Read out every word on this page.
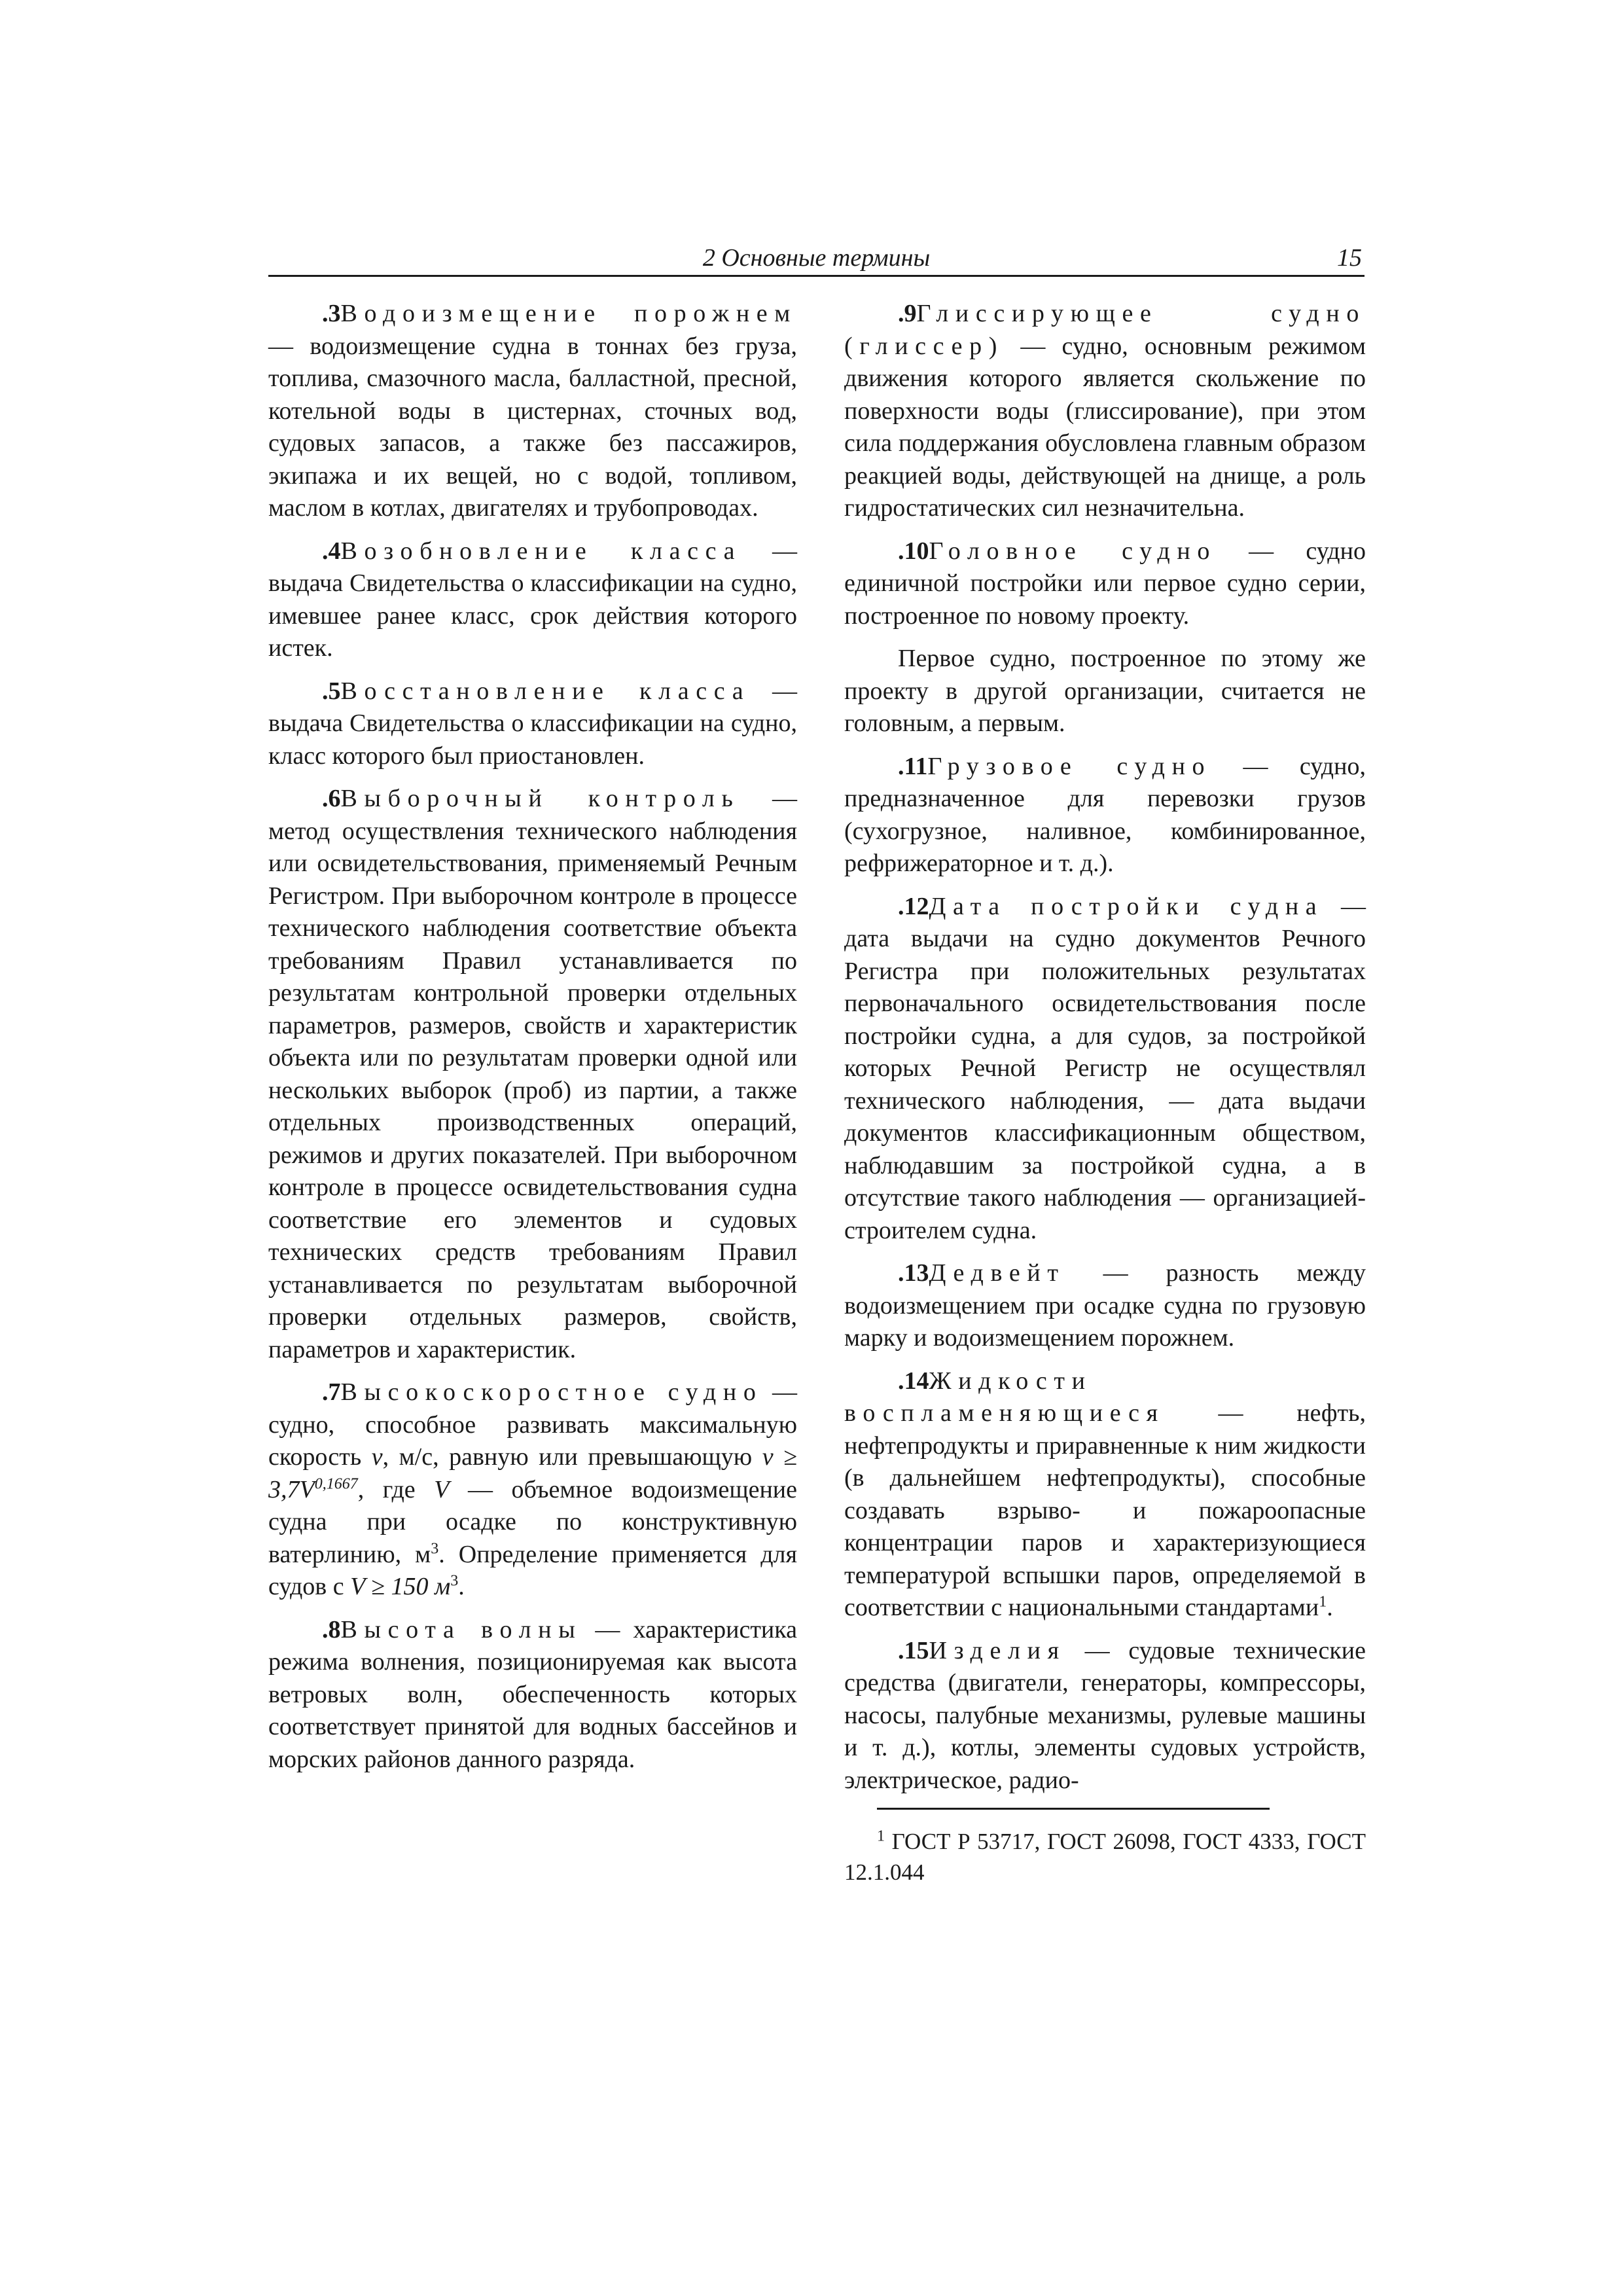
2 Основные термины	15

.3Водоизмещение порожнем — водоизмещение судна в тоннах без груза, топлива, смазочного масла, балластной, пресной, котельной воды в цистернах, сточных вод, судовых запасов, а также без пассажиров, экипажа и их вещей, но с водой, топливом, маслом в котлах, двигателях и трубопроводах.

.4Возобновление класса — выдача Свидетельства о классификации на судно, имевшее ранее класс, срок действия которого истек.

.5Восстановление класса — выдача Свидетельства о классификации на судно, класс которого был приостановлен.

.6Выборочный контроль — метод осуществления технического наблюдения или освидетельствования, применяемый Речным Регистром. При выборочном контроле в процессе технического наблюдения соответствие объекта требованиям Правил устанавливается по результатам контрольной проверки отдельных параметров, размеров, свойств и характеристик объекта или по результатам проверки одной или нескольких выборок (проб) из партии, а также отдельных производственных операций, режимов и других показателей. При выборочном контроле в процессе освидетельствования судна соответствие его элементов и судовых технических средств требованиям Правил устанавливается по результатам выборочной проверки отдельных размеров, свойств, параметров и характеристик.

.7Высокоскоростное судно — судно, способное развивать максимальную скорость v, м/с, равную или превышающую $v \ge 3,7V^{0,1667}$, где V — объемное водоизмещение судна при осадке по конструктивную ватерлинию, $м^3$. Определение применяется для судов с V ≥ 150 $м^3$.

.8Высота волны — характеристика режима волнения, позиционируемая как высота ветровых волн, обеспеченность которых соответствует принятой для водных бассейнов и морских районов данного разряда.

.9Глиссирующее судно (глиссер) — судно, основным режимом движения которого является скольжение по поверхности воды (глиссирование), при этом сила поддержания обусловлена главным образом реакцией воды, действующей на днище, а роль гидростатических сил незначительна.

.10Головное судно — судно единичной постройки или первое судно серии, построенное по новому проекту.

Первое судно, построенное по этому же проекту в другой организации, считается не головным, а первым.

.11Грузовое судно — судно, предназначенное для перевозки грузов (сухогрузное, наливное, комбинированное, рефрижераторное и т. д.).

.12Дата постройки судна — дата выдачи на судно документов Речного Регистра при положительных результатах первоначального освидетельствования после постройки судна, а для судов, за постройкой которых Речной Регистр не осуществлял технического наблюдения, — дата выдачи документов классификационным обществом, наблюдавшим за постройкой судна, а в отсутствие такого наблюдения — организацией-строителем судна.

.13Дедвейт — разность между водоизмещением при осадке судна по грузовую марку и водоизмещением порожнем.

.14Жидкости воспламеняющиеся — нефть, нефтепродукты и приравненные к ним жидкости (в дальнейшем нефтепродукты), способные создавать взрыво- и пожароопасные концентрации паров и характеризующиеся температурой вспышки паров, определяемой в соответствии с национальными стандартами$^1$.

.15Изделия — судовые технические средства (двигатели, генераторы, компрессоры, насосы, палубные механизмы, рулевые машины и т. д.), котлы, элементы судовых устройств, электрическое, радио-

$^1$ ГОСТ Р 53717, ГОСТ 26098, ГОСТ 4333, ГОСТ 12.1.044
